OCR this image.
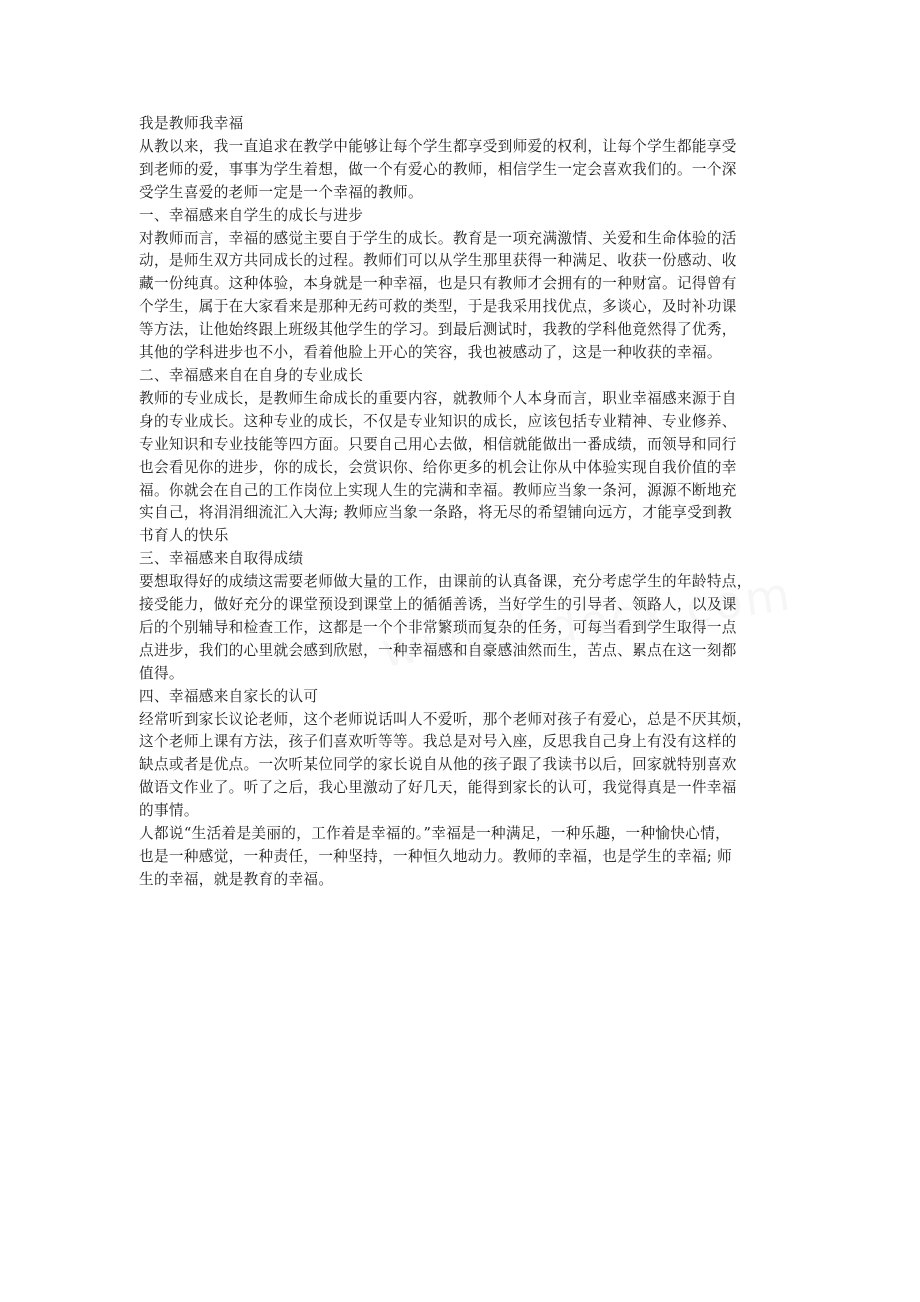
我是教师我幸福
从教以来，我一直追求在教学中能够让每个学生都享受到师爱的权利，让每个学生都能享受
到老师的爱，事事为学生着想，做一个有爱心的教师，相信学生一定会喜欢我们的。一个深
受学生喜爱的老师一定是一个幸福的教师。
一、幸福感来自学生的成长与进步
对教师而言，幸福的感觉主要自于学生的成长。教育是一项充满激情、关爱和生命体验的活
动，是师生双方共同成长的过程。教师们可以从学生那里获得一种满足、收获一份感动、收
藏一份纯真。这种体验，本身就是一种幸福，也是只有教师才会拥有的一种财富。记得曾有
个学生，属于在大家看来是那种无药可救的类型，于是我采用找优点，多谈心，及时补功课
等方法，让他始终跟上班级其他学生的学习。到最后测试时，我教的学科他竟然得了优秀，
其他的学科进步也不小，看着他脸上开心的笑容，我也被感动了，这是一种收获的幸福。
二、幸福感来自在自身的专业成长
教师的专业成长，是教师生命成长的重要内容，就教师个人本身而言，职业幸福感来源于自
身的专业成长。这种专业的成长，不仅是专业知识的成长，应该包括专业精神、专业修养、
专业知识和专业技能等四方面。只要自己用心去做，相信就能做出一番成绩，而领导和同行
也会看见你的进步，你的成长，会赏识你、给你更多的机会让你从中体验实现自我价值的幸
福。你就会在自己的工作岗位上实现人生的完满和幸福。教师应当象一条河，源源不断地充
实自己，将涓涓细流汇入大海; 教师应当象一条路，将无尽的希望铺向远方，才能享受到教
书育人的快乐
三、幸福感来自取得成绩
要想取得好的成绩这需要老师做大量的工作，由课前的认真备课，充分考虑学生的年龄特点，
接受能力，做好充分的课堂预设到课堂上的循循善诱，当好学生的引导者、领路人，以及课
后的个别辅导和检查工作，这都是一个个非常繁琐而复杂的任务，可每当看到学生取得一点
点进步，我们的心里就会感到欣慰，一种幸福感和自豪感油然而生，苦点、累点在这一刻都
值得。
四、幸福感来自家长的认可
经常听到家长议论老师，这个老师说话叫人不爱听，那个老师对孩子有爱心，总是不厌其烦，
这个老师上课有方法，孩子们喜欢听等等。我总是对号入座，反思我自己身上有没有这样的
缺点或者是优点。一次听某位同学的家长说自从他的孩子跟了我读书以后，回家就特别喜欢
做语文作业了。听了之后，我心里激动了好几天，能得到家长的认可，我觉得真是一件幸福
的事情。
人都说“生活着是美丽的，工作着是幸福的。”幸福是一种满足，一种乐趣，一种愉快心情，
也是一种感觉，一种责任，一种坚持，一种恒久地动力。教师的幸福，也是学生的幸福; 师
生的幸福，就是教育的幸福。
